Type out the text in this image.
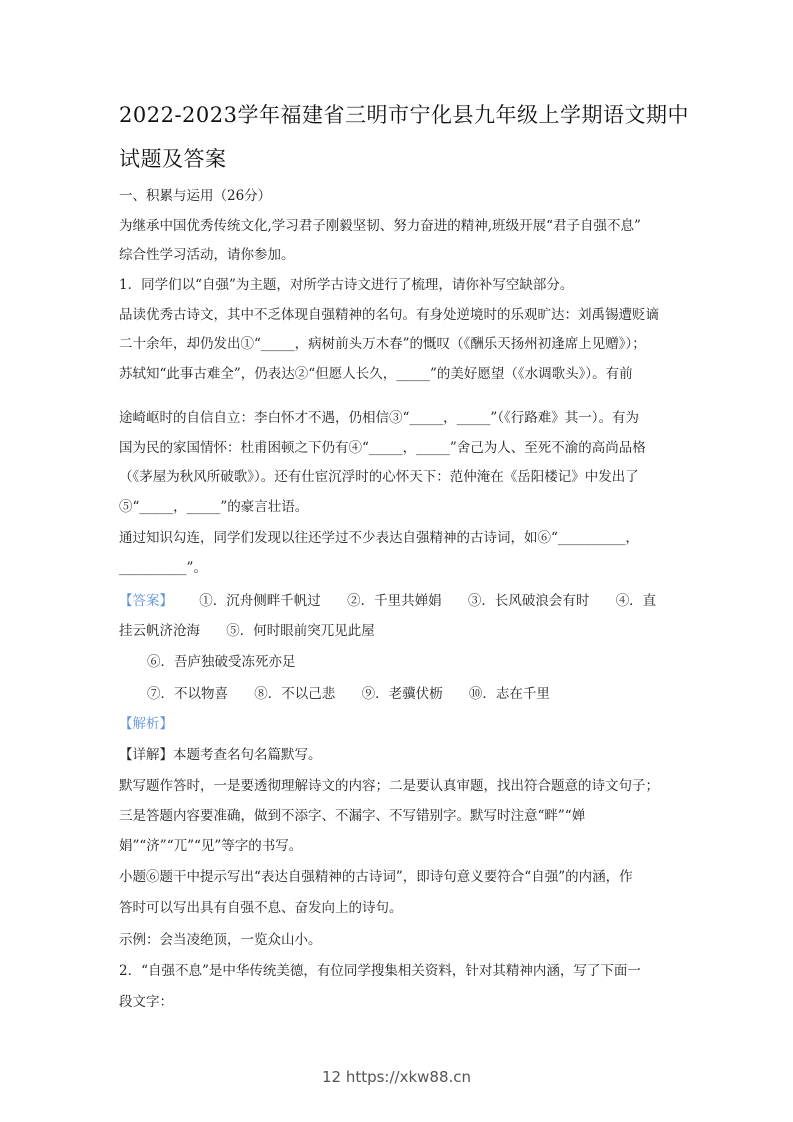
2022-2023学年福建省三明市宁化县九年级上学期语文期中
试题及答案
一、积累与运用（26分）
为继承中国优秀传统文化,学习君子刚毅坚韧、努力奋进的精神,班级开展“君子自强不息”
综合性学习活动，请你参加。
1．同学们以“自强”为主题，对所学古诗文进行了梳理，请你补写空缺部分。
品读优秀古诗文，其中不乏体现自强精神的名句。有身处逆境时的乐观旷达：刘禹锡遭贬谪
二十余年，却仍发出①“_____，病树前头万木春”的慨叹（《酬乐天扬州初逢席上见赠》）；
苏轼知“此事古难全”，仍表达②“但愿人长久，_____”的美好愿望（《水调歌头》）。有前
途崎岖时的自信自立：李白怀才不遇，仍相信③“_____，_____”（《行路难》其一）。有为
国为民的家国情怀：杜甫困顿之下仍有④“_____，_____”舍己为人、至死不渝的高尚品格
（《茅屋为秋风所破歌》）。还有仕宦沉浮时的心怀天下：范仲淹在《岳阳楼记》中发出了
⑤“_____，_____”的豪言壮语。
通过知识勾连，同学们发现以往还学过不少表达自强精神的古诗词，如⑥“__________，
__________”。
【答案】 ①．沉舟侧畔千帆过 ②．千里共婵娟 ③．长风破浪会有时 ④．直
挂云帆济沧海 ⑤．何时眼前突兀见此屋
⑥．吾庐独破受冻死亦足
⑦．不以物喜 ⑧．不以己悲 ⑨．老骥伏枥 ⑩．志在千里
【解析】
【详解】本题考查名句名篇默写。
默写题作答时，一是要透彻理解诗文的内容；二是要认真审题，找出符合题意的诗文句子；
三是答题内容要准确，做到不添字、不漏字、不写错别字。默写时注意“畔”“婵
娟”“济”“兀”“见”等字的书写。
小题⑥题干中提示写出“表达自强精神的古诗词”，即诗句意义要符合“自强”的内涵，作
答时可以写出具有自强不息、奋发向上的诗句。
示例：会当凌绝顶，一览众山小。
2．“自强不息”是中华传统美德，有位同学搜集相关资料，针对其精神内涵，写了下面一
段文字：
12 https://xkw88.cn
